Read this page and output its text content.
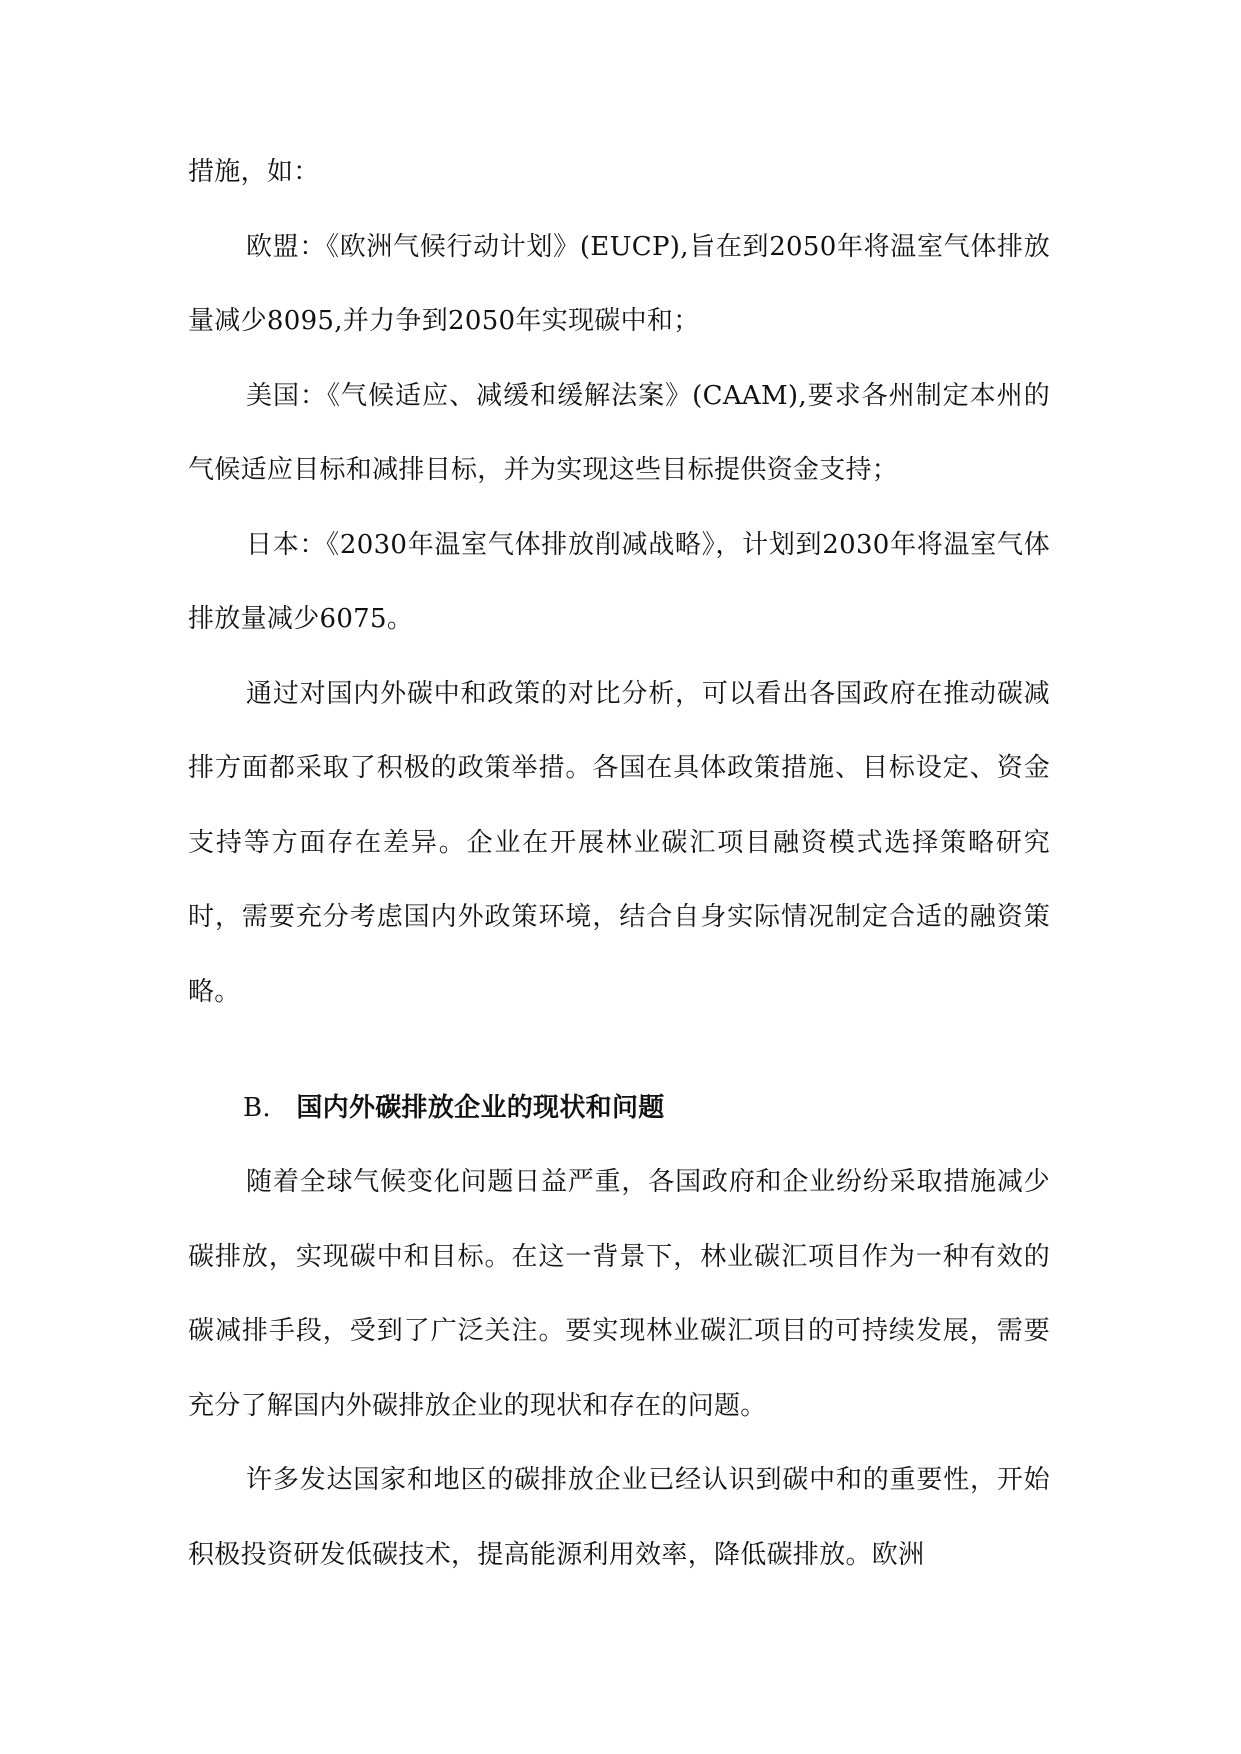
措施，如：

欧盟：《欧洲气候行动计划》(EUCP),旨在到2050年将温室气体排放量减少8095,并力争到2050年实现碳中和；

美国：《气候适应、减缓和缓解法案》(CAAM),要求各州制定本州的气候适应目标和减排目标，并为实现这些目标提供资金支持；

日本：《2030年温室气体排放削减战略》，计划到2030年将温室气体排放量减少6075。

通过对国内外碳中和政策的对比分析，可以看出各国政府在推动碳减排方面都采取了积极的政策举措。各国在具体政策措施、目标设定、资金支持等方面存在差异。企业在开展林业碳汇项目融资模式选择策略研究时，需要充分考虑国内外政策环境，结合自身实际情况制定合适的融资策略。

B. 国内外碳排放企业的现状和问题

随着全球气候变化问题日益严重，各国政府和企业纷纷采取措施减少碳排放，实现碳中和目标。在这一背景下，林业碳汇项目作为一种有效的碳减排手段，受到了广泛关注。要实现林业碳汇项目的可持续发展，需要充分了解国内外碳排放企业的现状和存在的问题。

许多发达国家和地区的碳排放企业已经认识到碳中和的重要性，开始积极投资研发低碳技术，提高能源利用效率，降低碳排放。欧洲
